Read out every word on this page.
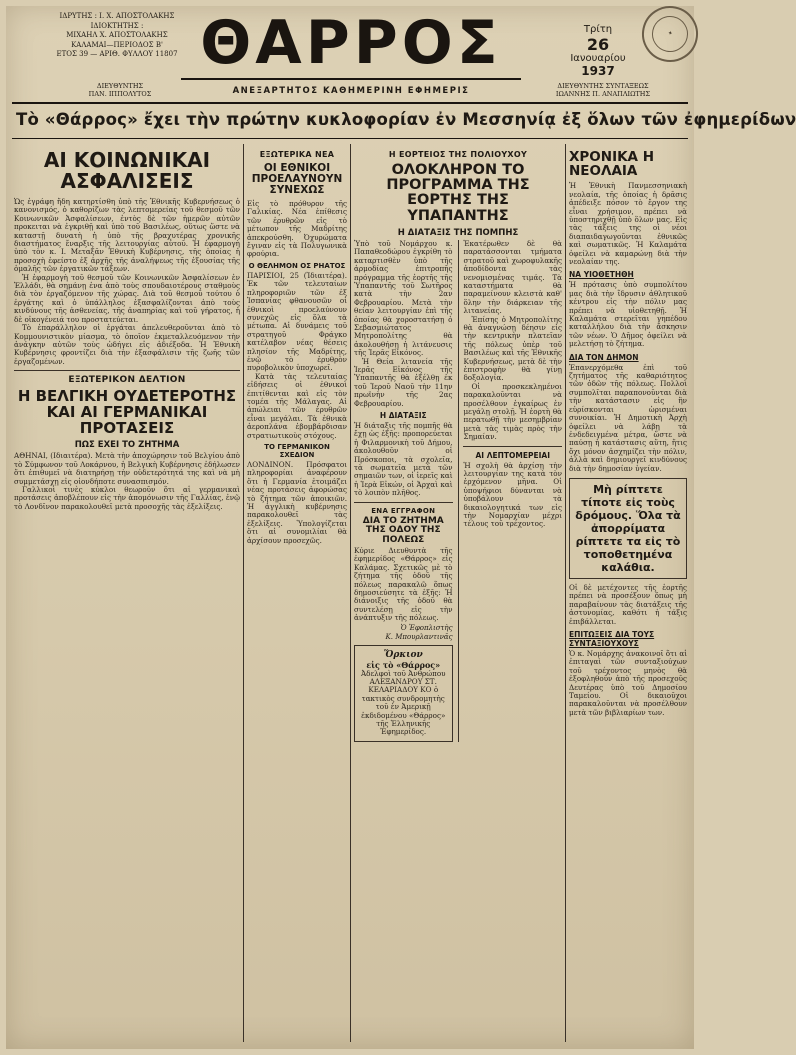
ΙΔΡΥΤΗΣ : Ι. Χ. ΑΠΟΣΤΟΛΑΚΗΣ
ΙΔΙΟΚΤΗΤΗΣ :
ΜΙΧΑΗΛ Χ. ΑΠΟΣΤΟΛΑΚΗΣ
ΚΑΛΑΜΑΙ—ΠΕΡΙΟΔΟΣ Β'
ΕΤΟΣ 39 — ΑΡΙΘ. ΦΥΛΛΟΥ 11807 ΘΑΡΡΟΣ	Τρίτη
26
Ιανουαρίου
1937
✦
ΔΙΕΥΘΥΝΤΗΣ
ΠΑΝ. ΙΠΠΟΛΥΤΟΣ	ΑΝΕΞΑΡΤΗΤΟΣ ΚΑΘΗΜΕΡΙΝΗ ΕΦΗΜΕΡΙΣ	ΔΙΕΥΘΥΝΤΗΣ ΣΥΝΤΑΞΕΩΣ
ΙΩΑΝΝΗΣ Π. ΑΝΑΠΛΙΩΤΗΣ
Τὸ «Θάρρος» ἔχει τὴν πρώτην κυκλοφορίαν ἐν Μεσσηνίᾳ ἐξ ὅλων τῶν ἐφημερίδων
ΑΙ ΚΟΙΝΩΝΙΚΑΙ ΑΣΦΑΛΙΣΕΙΣ

Ὡς ἐγράφη ἤδη κατηρτίσθη ὑπὸ τῆς Ἐθνικῆς Κυβερνήσεως ὁ κανονισμός, ὁ καθορίζων τὰς λεπτομερείας τοῦ θεσμοῦ τῶν Κοινωνικῶν Ἀσφαλίσεων, ἐντὸς δὲ τῶν ἡμερῶν αὐτῶν προκειται νὰ ἐγκριθῇ καὶ ὑπὸ τοῦ Βασιλέως, οὕτως ὥστε νὰ καταστῇ δυνατὴ ἡ ὑπὸ τῆς βραχυτέρας χρονικῆς διαστήματος ἔναρξις τῆς λειτουργίας αὐτοῦ. Ἡ ἐφαρμογὴ ὑπὸ τὸν κ. Ι. Μεταξᾶν Ἐθνικὴ Κυβέρνησις, τῆς ὁποίας ἡ προσοχὴ ἐφείστο ἐξ ἀρχῆς τῆς ἀναλήψεως τῆς ἐξουσίας τῆς ὁμαλῆς τῶν ἐργατικῶν τάξεων.

Ἡ ἐφαρμογὴ τοῦ θεσμοῦ τῶν Κοινωνικῶν Ἀσφαλίσεων ἐν Ἑλλάδι, θὰ σημάνῃ ἐνα ἀπὸ τοὺς σπουδαιοτέρους σταθμοὺς διὰ τὸν ἐργαζόμενον τῆς χώρας. Διὰ τοῦ θεσμοῦ τούτου ὁ ἐργάτης καὶ ὁ ὑπάλληλος ἐξασφαλίζονται ἀπὸ τοὺς κινδύνους τῆς ἀσθενείας, τῆς ἀναπηρίας καὶ τοῦ γήρατος, ἡ δὲ οἰκογένειά του προστατεύεται.

Τὸ ἐπαράλληλον οἱ ἐργάται ἀπελευθεροῦνται ἀπὸ τὸ Κομμουνιστικὸν μίασμα, τὸ ὁποῖον ἐκμεταλλευόμενον τὴν ἀνάγκην αὐτῶν τοὺς ὡδήγει εἰς ἀδιέξοδα. Ἡ Ἐθνικὴ Κυβέρνησις φροντίζει διὰ τὴν ἐξασφάλισιν τῆς ζωῆς τῶν ἐργαζομένων.

ΕΞΩΤΕΡΙΚΟΝ ΔΕΛΤΙΟΝ
Η ΒΕΛΓΙΚΗ ΟΥΔΕΤΕΡΟΤΗΣ ΚΑΙ ΑΙ ΓΕΡΜΑΝΙΚΑΙ ΠΡΟΤΑΣΕΙΣ
ΠΩΣ ΕΧΕΙ ΤΟ ΖΗΤΗΜΑ

ΑΘΗΝΑΙ, (Ιδιαιτέρα). Μετὰ τὴν ἀποχώρησιν τοῦ Βελγίου ἀπὸ τὸ Σύμφωνον τοῦ Λοκάρνου, ἡ Βελγικὴ Κυβέρνησις ἐδήλωσεν ὅτι ἐπιθυμεῖ νὰ διατηρήσῃ τὴν οὐδετερότητά της καὶ νὰ μὴ συμμετάσχῃ εἰς οἱονδήποτε συνασπισμόν.

Γαλλικοὶ τινὲς κύκλοι θεωροῦν ὅτι αἱ γερμανικαὶ προτάσεις ἀποβλέπουν εἰς τὴν ἀπομόνωσιν τῆς Γαλλίας, ἐνῷ τὸ Λονδῖνον παρακολουθεῖ μετὰ προσοχῆς τὰς ἐξελίξεις.

ΕΞΩΤΕΡΙΚΑ ΝΕΑ
ΟΙ ΕΘΝΙΚΟΙ ΠΡΟΕΛΑΥΝΟΥΝ ΣΥΝΕΧΩΣ

Εἰς τὸ πρόθυρον τῆς Γαλικίας. Νέα ἐπίθεσις τῶν ἐρυθρῶν εἰς τὸ μέτωπον τῆς Μαδρίτης ἀπεκρούσθη. Ὀχυρώματα ἔγιναν εἰς τὰ Πολυγωνικὰ φρούρια.

Ο ΘΕΛΗΜΟΝ ΟΣ ΡΗΑΤΟΣ

ΠΑΡΙΣΙΟΙ, 25 (Ἰδιαιτέρα). Ἐκ τῶν τελευταίων πληροφοριῶν τῶν ἐξ Ἱσπανίας φθανουσῶν οἱ ἐθνικοὶ προελαύνουν συνεχῶς εἰς ὅλα τὰ μέτωπα. Αἱ δυνάμεις τοῦ στρατηγοῦ Φράγκο κατέλαβον νέας θέσεις πλησίον τῆς Μαδρίτης, ἐνῷ τὸ ἐρυθρὸν πυροβολικὸν ὑποχωρεῖ.

Κατὰ τὰς τελευταίας εἰδήσεις οἱ ἐθνικοὶ ἐπιτίθενται καὶ εἰς τὸν τομέα τῆς Μάλαγας. Αἱ ἀπώλειαι τῶν ἐρυθρῶν εἶναι μεγάλαι. Τὰ ἐθνικὰ ἀεροπλάνα ἐβομβάρδισαν στρατιωτικοὺς στόχους.

ΤΟ ΓΕΡΜΑΝΙΚΟΝ ΣΧΕΔΙΟΝ

ΛΟΝΔΙΝΟΝ. Πρόσφατοι πληροφορίαι ἀναφέρουν ὅτι ἡ Γερμανία ἑτοιμάζει νέας προτάσεις ἀφορώσας τὸ ζήτημα τῶν ἀποικιῶν. Ἡ ἀγγλικὴ κυβέρνησις παρακολουθεῖ τὰς ἐξελίξεις. Ὑπολογίζεται ὅτι αἱ συνομιλίαι θὰ ἀρχίσουν προσεχῶς.

Η ΕΟΡΤΕΙΟΣ ΤΗΣ ΠΟΛΙΟΥΧΟΥ
ΟΛΟΚΛΗΡΟΝ ΤΟ ΠΡΟΓΡΑΜΜΑ ΤΗΣ ΕΟΡΤΗΣ ΤΗΣ ΥΠΑΠΑΝΤΗΣ
Η ΔΙΑΤΑΞΙΣ ΤΗΣ ΠΟΜΠΗΣ

Ὑπὸ τοῦ Νομάρχου κ. Παπαθεοδώρου ἐγκρίθη τὸ καταρτισθὲν ὑπὸ τῆς ἁρμοδίας ἐπιτροπῆς πρόγραμμα τῆς ἑορτῆς τῆς Ὑπαπαντῆς τοῦ Σωτῆρος κατὰ τὴν 2αν Φεβρουαρίου. Μετὰ τὴν θείαν λειτουργίαν ἐπὶ τῆς ὁποίας θὰ χοροστατήσῃ ὁ Σεβασμιώτατος Μητροπολίτης θὰ ἀκολουθήσῃ ἡ λιτάνευσις τῆς Ἱερᾶς Εἰκόνος.

Ἡ Θεία λιτανεία τῆς Ἱερᾶς Εἰκόνος τῆς Ὑπαπαντῆς θὰ ἐξέλθῃ ἐκ τοῦ Ἱεροῦ Ναοῦ τὴν 11ην πρωϊνὴν τῆς 2ας Φεβρουαρίου.

Η ΔΙΑΤΑΞΙΣ

Ἡ διάταξις τῆς πομπῆς θὰ ἔχῃ ὡς ἑξῆς: προπορεύεται ἡ Φιλαρμονικὴ τοῦ Δήμου, ἀκολουθοῦν οἱ Πρόσκοποι, τὰ σχολεῖα, τὰ σωματεῖα μετὰ τῶν σημαιῶν των, οἱ ἱερεῖς καὶ ἡ Ἱερὰ Εἰκών, οἱ Ἀρχαὶ καὶ τὸ λοιπὸν πλῆθος.

ΕΝΑ ΕΓΓΡΑΦΟΝ
ΔΙΑ ΤΟ ΖΗΤΗΜΑ ΤΗΣ ΟΔΟΥ ΤΗΣ ΠΟΛΕΩΣ

Κύριε Διευθυντὰ τῆς ἐφημερίδος «Θάρρος» εἰς Καλάμας. Σχετικῶς μὲ τὸ ζήτημα τῆς ὁδοῦ τῆς πόλεως παρακαλῶ ὅπως δημοσιεύσητε τὰ ἑξῆς: Ἡ διάνοιξις τῆς ὁδοῦ θὰ συντελέσῃ εἰς τὴν ἀνάπτυξιν τῆς πόλεως.

Ὁ Ἐφοπλιστὴς
Κ. Μπουρλαντινᾶς
Ὅρκιον
εἰς τὸ «Θάρρος»

Ἀδελφοὶ τοῦ Ἀνθρώπου ΑΛΕΞΑΝΔΡΟΥ ΣΤ. ΚΕΛΑΡΙΑΔΟΥ ΚΟ ὁ τακτικὸς συνδρομητὴς τοῦ ἐν Ἀμερικῇ ἐκδιδομένου «Θάρρος» τῆς Ἑλληνικῆς Ἐφημερίδος.

Ἑκατέρωθεν δὲ θὰ παρατάσσονται τμήματα στρατοῦ καὶ χωροφυλακῆς ἀποδίδοντα τὰς νενομισμένας τιμάς. Τὰ καταστήματα θὰ παραμείνουν κλειστὰ καθ' ὅλην τὴν διάρκειαν τῆς λιτανείας.

Ἐπίσης ὁ Μητροπολίτης θὰ ἀναγνώσῃ δέησιν εἰς τὴν κεντρικὴν πλατεῖαν τῆς πόλεως ὑπὲρ τοῦ Βασιλέως καὶ τῆς Ἐθνικῆς Κυβερνήσεως, μετὰ δὲ τὴν ἐπιστροφὴν θὰ γίνῃ δοξολογία.

Οἱ προσκεκλημένοι παρακαλοῦνται νὰ προσέλθουν ἐγκαίρως ἐν μεγάλῃ στολῇ. Ἡ ἑορτὴ θὰ περατωθῇ τὴν μεσημβρίαν μετὰ τὰς τιμὰς πρὸς τὴν Σημαίαν.

ΑΙ ΛΕΠΤΟΜΕΡΕΙΑΙ

Ἡ σχολὴ θὰ ἀρχίσῃ τὴν λειτουργίαν της κατὰ τὸν ἐρχόμενον μῆνα. Οἱ ὑποψήφιοι δύνανται νὰ ὑποβάλουν τὰ δικαιολογητικά των εἰς τὴν Νομαρχίαν μέχρι τέλους τοῦ τρέχοντος.

ΧΡΟΝΙΚΑ Η ΝΕΟΛΑΙΑ

Ἡ Ἑθνικὴ Πανμεσσηνιακὴ νεολαία, τῆς ὁποίας ἡ δρᾶσις ἀπέδειξε πόσον τὸ ἔργον της εἶναι χρήσιμον, πρέπει νὰ ὑποστηριχθῇ ὑπὸ ὅλων μας. Εἰς τὰς τάξεις της οἱ νέοι διαπαιδαγωγοῦνται ἐθνικῶς καὶ σωματικῶς. Ἡ Καλαμάτα ὀφείλει νὰ καμαρώνῃ διὰ τὴν νεολαίαν της.

ΝΑ ΥΙΟΘΕΤΗΘΗ

Ἡ πρότασις ὑπὸ συμπολίτου μας διὰ τὴν ἵδρυσιν ἀθλητικοῦ κέντρου εἰς τὴν πόλιν μας πρέπει νὰ υἱοθετηθῇ. Ἡ Καλαμάτα στερεῖται γηπέδου καταλλήλου διὰ τὴν ἄσκησιν τῶν νέων. Ὁ Δῆμος ὀφείλει νὰ μελετήσῃ τὸ ζήτημα.

ΔΙΑ ΤΟΝ ΔΗΜΟΝ

Ἐπανερχόμεθα ἐπὶ τοῦ ζητήματος τῆς καθαριότητος τῶν ὁδῶν τῆς πόλεως. Πολλοὶ συμπολῖται παραπονοῦνται διὰ τὴν κατάστασιν εἰς ἣν εὑρίσκονται ὡρισμέναι συνοικίαι. Ἡ Δημοτικὴ Ἀρχὴ ὀφείλει νὰ λάβῃ τὰ ἐνδεδειγμένα μέτρα, ὥστε νὰ παύσῃ ἡ κατάστασις αὕτη, ἥτις ὄχι μόνον ἀσχημίζει τὴν πόλιν, ἀλλὰ καὶ δημιουργεῖ κινδύνους διὰ τὴν δημοσίαν ὑγείαν.

Μὴ ρίπτετε τίποτε εἰς τοὺς δρόμους. Ὅλα τὰ ἀπορρίματα ρίπτετε τα εἰς τὸ τοποθετημένα καλάθια.

Οἱ δὲ μετέχοντες τῆς ἑορτῆς πρέπει νὰ προσέξουν ὅπως μὴ παραβαίνουν τὰς διατάξεις τῆς ἀστυνομίας, καθότι ἡ τάξις ἐπιβάλλεται.

ΕΠΙΤΩΞΕΙΣ ΔΙΑ ΤΟΥΣ ΣΥΝΤΑΞΙΟΥΧΟΥΣ

Ὁ κ. Νομάρχης ἀνακοινοῖ ὅτι αἱ ἐπιταγαὶ τῶν συνταξιούχων τοῦ τρέχοντος μηνὸς θὰ ἐξοφληθοῦν ἀπὸ τῆς προσεχοῦς Δευτέρας ὑπὸ τοῦ Δημοσίου Ταμείου. Οἱ δικαιοῦχοι παρακαλοῦνται νὰ προσέλθουν μετὰ τῶν βιβλιαρίων των.
